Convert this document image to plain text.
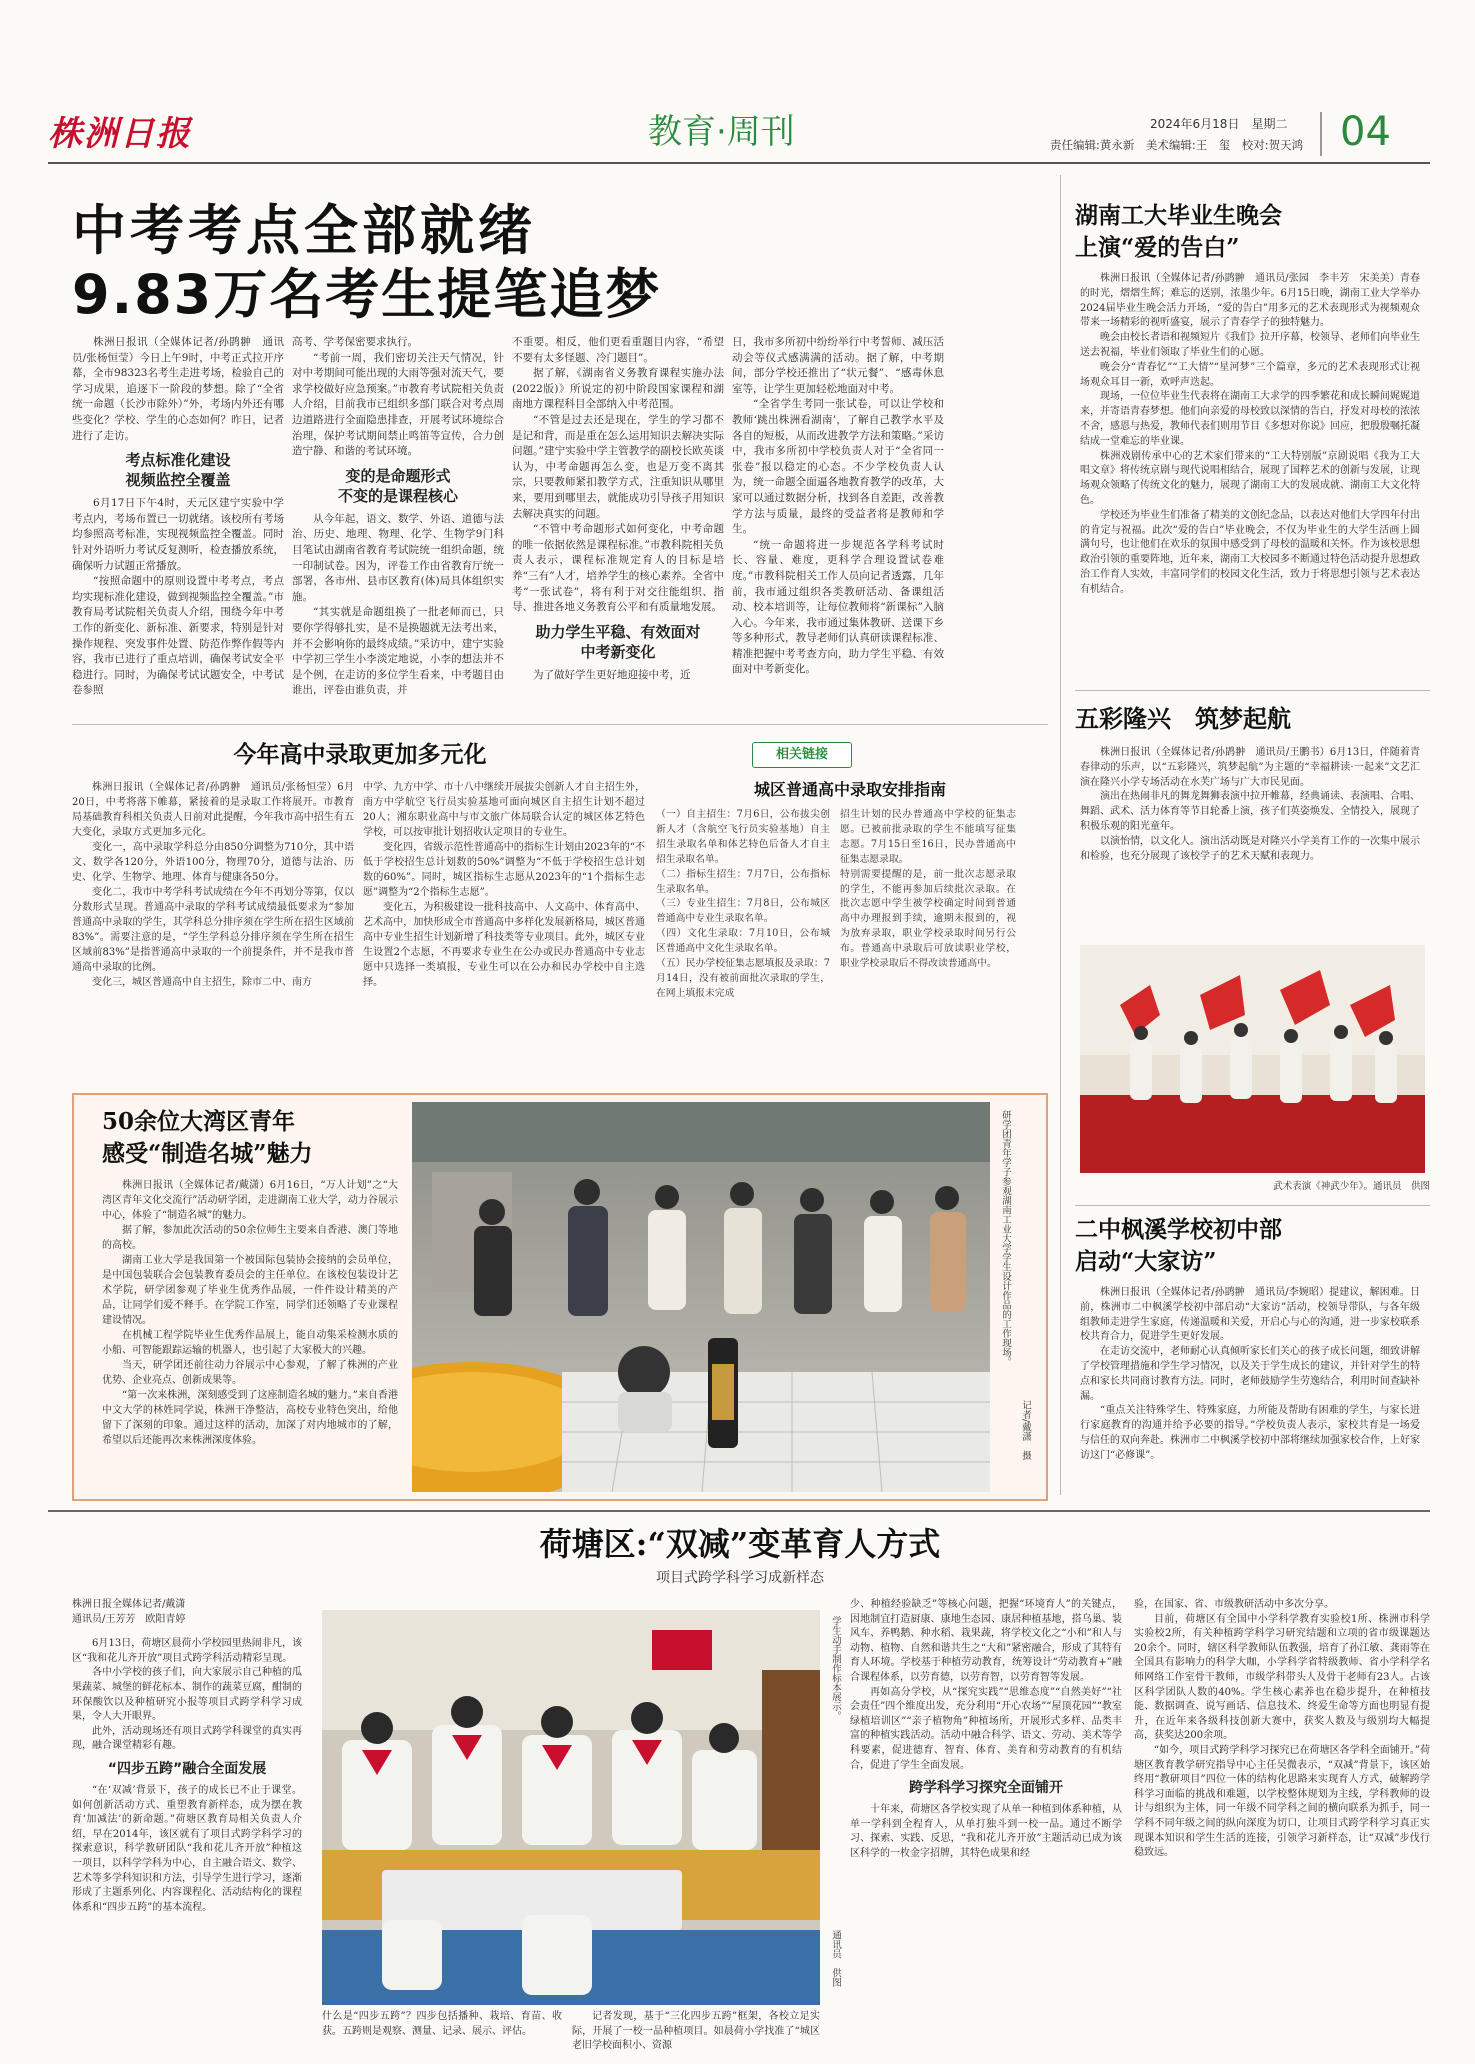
株洲日报	教育·周刊	2024年6月18日　星期二
责任编辑:黄永新　美术编辑:王　玺　校对:贺天鸿 04
中考考点全部就绪
9.83万名考生提笔追梦
株洲日报讯（全媒体记者/孙鹍翀　通讯员/张杨恒莹）今日上午9时，中考正式拉开序幕，全市98323名考生走进考场，检验自己的学习成果，追逐下一阶段的梦想。除了“全省统一命题（长沙市除外）”外，考场内外还有哪些变化？学校、学生的心态如何？昨日，记者进行了走访。
考点标准化建设
视频监控全覆盖
6月17日下午4时，天元区建宁实验中学考点内，考场布置已一切就绪。该校所有考场均参照高考标准，实现视频监控全覆盖。同时针对外语听力考试反复测听，检查播放系统，确保听力试题正常播放。
“按照命题中的原则设置中考考点，考点均实现标准化建设，做到视频监控全覆盖。”市教育局考试院相关负责人介绍，围绕今年中考工作的新变化、新标准、新要求，特别是针对操作规程、突发事件处置、防范作弊作假等内容，我市已进行了重点培训，确保考试安全平稳进行。同时，为确保考试试题安全，中考试卷参照
高考、学考保密要求执行。
“考前一周，我们密切关注天气情况，针对中考期间可能出现的大雨等强对流天气，要求学校做好应急预案。”市教育考试院相关负责人介绍，目前我市已组织多部门联合对考点周边道路进行全面隐患排查，开展考试环境综合治理，保护考试期间禁止鸣笛等宣传，合力创造宁静、和谐的考试环境。
变的是命题形式
不变的是课程核心
从今年起，语文、数学、外语、道德与法治、历史、地理、物理、化学、生物学9门科目笔试由湖南省教育考试院统一组织命题，统一印制试卷。因为，评卷工作由省教育厅统一部署，各市州、县市区教育(体)局具体组织实施。
“其实就是命题组换了一批老师而已，只要你学得够扎实，是不是换题就无法考出来，并不会影响你的最终成绩。”采访中，建宁实验中学初三学生小李淡定地说，小李的想法并不是个例，在走访的多位学生看来，中考题目由谁出，评卷由谁负责，并
不重要。相反，他们更看重题目内容，“希望不要有太多怪题、冷门题目”。
据了解，《湖南省义务教育课程实施办法(2022版)》所说定的初中阶段国家课程和湖南地方课程科目全部纳入中考范围。
“不管是过去还是现在，学生的学习都不是记和背，而是重在怎么运用知识去解决实际问题。”建宁实验中学主管教学的副校长欧英谈认为，中考命题再怎么变，也是万变不离其宗，只要教师紧扣教学方式，注重知识从哪里来，要用到哪里去，就能成功引导孩子用知识去解决真实的问题。
“不管中考命题形式如何变化，中考命题的唯一依据依然是课程标准。”市教科院相关负责人表示，课程标准规定育人的目标是培养“三有”人才，培养学生的核心素养。全省中考“一张试卷”，将有利于对交往能组织、指导、推进各地义务教育公平和有质量地发展。
助力学生平稳、有效面对
中考新变化
为了做好学生更好地迎接中考，近
日，我市多所初中纷纷举行中考誓师、减压活动会等仪式感满满的活动。据了解，中考期间，部分学校还推出了“状元餐”、“感毒休息室等，让学生更加轻松地面对中考。
“全省学生考同一张试卷，可以让学校和教师‘跳出株洲看湖南’，了解自己教学水平及各自的短板，从而改进教学方法和策略。”采访中，我市多所初中学校负责人对于“全省同一张卷”报以稳定的心态。不少学校负责人认为，统一命题全面逼各地教育教学的改革，大家可以通过数据分析，找到各自差距，改善教学方法与质量，最终的受益者将是教师和学生。
“统一命题将进一步规范各学科考试时长、容量、难度，更科学合理设置试卷难度。”市教科院相关工作人员向记者透露，几年前，我市通过组织各类教研活动、备课组活动、校本培训等，让每位教师将“新课标”入脑入心。今年来，我市通过集体教研、送课下乡等多种形式，教导老师们认真研读课程标准、精准把握中考考查方向，助力学生平稳、有效面对中考新变化。
今年高中录取更加多元化
株洲日报讯（全媒体记者/孙鹍翀　通讯员/张杨恒莹）6月20日，中考将落下帷幕，紧接着的是录取工作将展开。市教育局基础教育科相关负责人日前对此提醒，今年我市高中招生有五大变化，录取方式更加多元化。
变化一，高中录取学科总分由850分调整为710分，其中语文、数学各120分，外语100分，物理70分，道德与法治、历史、化学、生物学、地理、体育与健康各50分。
变化二，我市中考学科考试成绩在今年不再划分等第，仅以分数形式呈现。普通高中录取的学科考试成绩最低要求为“参加普通高中录取的学生，其学科总分排序须在学生所在招生区域前83%”。需要注意的是，“学生学科总分排序须在学生所在招生区域前83%”是指普通高中录取的一个前提条件，并不是我市普通高中录取的比例。
变化三，城区普通高中自主招生，除市二中、南方
中学、九方中学、市十八中继续开展拔尖创新人才自主招生外，南方中学航空飞行员实验基地可面向城区自主招生计划不超过20人；湘东职业高中与市文旅广体局联合认定的城区体艺特色学校，可以按审批计划招收认定项目的专业生。
变化四，省级示范性普通高中的指标生计划由2023年的“不低于学校招生总计划数的50%”调整为“不低于学校招生总计划数的60%”。同时，城区指标生志愿从2023年的“1个指标生志愿”调整为“2个指标生志愿”。
变化五，为积极建设一批科技高中、人文高中、体育高中、艺术高中，加快形成全市普通高中多样化发展新格局，城区普通高中专业生招生计划新增了科技类等专业项目。此外，城区专业生设置2个志愿，不再要求专业生在公办或民办普通高中专业志愿中只选择一类填报，专业生可以在公办和民办学校中自主选择。
相关链接
城区普通高中录取安排指南
（一）自主招生：7月6日，公布拔尖创新人才（含航空飞行员实验基地）自主招生录取名单和体艺特色后备人才自主招生录取名单。
（二）指标生招生：7月7日，公布指标生录取名单。
（三）专业生招生：7月8日，公布城区普通高中专业生录取名单。
（四）文化生录取：7月10日，公布城区普通高中文化生录取名单。
（五）民办学校征集志愿填报及录取：7月14日，没有被前面批次录取的学生，在网上填报未完成
招生计划的民办普通高中学校的征集志愿。已被前批录取的学生不能填写征集志愿。7月15日至16日，民办普通高中征集志愿录取。
特别需要提醒的是，前一批次志愿录取的学生，不能再参加后续批次录取。在批次志愿中学生被学校确定时间到普通高中办理报到手续，逾期未报到的，视为放弃录取，职业学校录取时间另行公布。普通高中录取后可放读职业学校，职业学校录取后不得改读普通高中。
50余位大湾区青年
感受“制造名城”魅力
株洲日报讯（全媒体记者/戴潇）6月16日，“万人计划”之“大湾区青年文化交流行”活动研学团，走进湖南工业大学，动力谷展示中心，体验了“制造名城”的魅力。
据了解，参加此次活动的50余位师生主要来自香港、澳门等地的高校。
湖南工业大学是我国第一个被国际包装协会接纳的会员单位，是中国包装联合会包装教育委员会的主任单位。在该校包装设计艺术学院，研学团参观了毕业生优秀作品展，一件件设计精美的产品，让同学们爱不释手。在学院工作室，同学们还领略了专业课程建设情况。
在机械工程学院毕业生优秀作品展上，能自动集采检测水质的小船、可智能跟踪运输的机器人，也引起了大家极大的兴趣。
当天，研学团还前往动力谷展示中心参观，了解了株洲的产业优势、企业亮点、创新成果等。
“第一次来株洲，深刻感受到了这座制造名城的魅力。”来自香港中文大学的林姓同学说，株洲干净整洁，高校专业特色突出，给他留下了深刻的印象。通过这样的活动，加深了对内地城市的了解，希望以后还能再次来株洲深度体验。
研学团青年学子参观湖南工业大学学生设计作品的工作现场。
记者/戴潇　摄
湖南工大毕业生晚会
上演“爱的告白”
株洲日报讯（全媒体记者/孙鹍翀　通讯员/张园　李丰芳　宋美美）青春的时光，熠熠生辉；难忘的送别，浓墨少年。6月15日晚，湖南工业大学举办2024届毕业生晚会活力开场，“爱的告白”用多元的艺术表现形式为视频观众带来一场精彩的视听盛宴，展示了青春学子的独特魅力。
晚会由校长者语和视频短片《我们》拉开序幕，校领导、老师们向毕业生送去祝福，毕业们领取了毕业生们的心愿。
晚会分“青春忆”“工大情”“星河梦”三个篇章，多元的艺术表现形式让视场观众耳目一新，欢呼声迭起。
现场，一位位毕业生代表将在湖南工大求学的四季繁花和成长瞬间娓娓道来，并寄语青春梦想。他们向亲爱的母校致以深情的告白，抒发对母校的浓浓不舍，感恩与热爱，教师代表们则用节目《多想对你说》回应，把殷殷嘱托凝结成一堂难忘的毕业课。
株洲戏剧传承中心的艺术家们带来的“工大特别版”京剧说唱《我为工大唱文章》将传统京剧与现代说唱相结合，展现了国粹艺术的创新与发展，让现场观众领略了传统文化的魅力，展现了湖南工大的发展成就、湖南工大文化特色。
学校还为毕业生们准备了精美的文创纪念品，以表达对他们大学四年付出的肯定与祝福。此次“爱的告白”毕业晚会，不仅为毕业生的大学生活画上圆满句号，也让他们在欢乐的氛围中感受到了母校的温暖和关怀。作为该校思想政治引领的重要阵地，近年来，湖南工大校园多不断通过特色活动提升思想政治工作育人实效，丰富同学们的校园文化生活，致力于将思想引领与艺术表达有机结合。
五彩隆兴　筑梦起航
株洲日报讯（全媒体记者/孙鹍翀　通讯员/王鹏书）6月13日，伴随着青春律动的乐声，以“五彩隆兴，筑梦起航”为主题的“幸福耕读·一起来”文艺汇演在隆兴小学专场活动在水芙广场与广大市民见面。
演出在热闹非凡的舞龙舞狮表演中拉开帷幕，经典诵读、表演唱、合唱、舞蹈、武术、活力体育等节目轮番上演，孩子们英姿焕发、全情投入，展现了积极乐观的阳光童年。
以演怡情，以文化人。演出活动既是对隆兴小学美育工作的一次集中展示和检验，也充分展现了该校学子的艺术天赋和表现力。
武术表演《神武少年》。通讯员　供图
二中枫溪学校初中部
启动“大家访”
株洲日报讯（全媒体记者/孙鹍翀　通讯员/李婉昭）提建议，解困难。日前，株洲市二中枫溪学校初中部启动“大家访”活动，校领导带队，与各年级组教师走进学生家庭，传递温暖和关爱，开启心与心的沟通，进一步家校联系校共育合力，促进学生更好发展。
在走访交流中，老师耐心认真倾听家长们关心的孩子成长问题，细致讲解了学校管理措施和学生学习情况，以及关于学生成长的建议，并针对学生的特点和家长共同商讨教育方法。同时，老师鼓励学生劳逸结合，利用时间查缺补漏。
“重点关注特殊学生、特殊家庭，力所能及帮助有困难的学生，与家长进行家庭教育的沟通并给予必要的指导。”学校负责人表示，家校共育是一场爱与信任的双向奔赴。株洲市二中枫溪学校初中部将继续加强家校合作，上好家访这门“必修课”。
荷塘区:“双减”变革育人方式
项目式跨学科学习成新样态
株洲日报全媒体记者/戴潇
通讯员/王芳芳　欧阳青婷
6月13日，荷塘区晨荷小学校园里热闹非凡，该区“我和花儿齐开放”项目式跨学科活动精彩呈现。
各中小学校的孩子们，向大家展示自己种植的瓜果蔬菜、城堡的鲜花标本、制作的蔬菜豆腐，酣制的环保酸饮以及种植研究小报等项目式跨学科学习成果，令人大开眼界。
此外，活动现场还有项目式跨学科课堂的真实再现，融合课堂精彩有趣。
“四步五跨”融合全面发展
“在‘双减’背景下，孩子的成长已不止于课堂。如何创新活动方式、重塑教育新样态，成为摆在教育‘加减法’的新命题。”荷塘区教育局相关负责人介绍，早在2014年，该区就有了项目式跨学科学习的探索意识，科学教研团队“我和花儿齐开放”种植这一项目，以科学学科为中心，自主融合语文、数学、艺术等多学科知识和方法，引导学生进行学习，逐渐形成了主题系列化、内容课程化、活动结构化的课程体系和“四步五跨”的基本流程。
学生动手制作标本展示。
通讯员　供图
什么是“四步五跨”？四步包括播种、栽培、育苗、收获。五跨则是观察、测量、记录、展示、评估。
记者发现，基于“三化四步五跨”框架，各校立足实际，开展了一校一品种植项目。如晨荷小学找准了“城区老旧学校面积小、资源
少、种植经验缺乏”等核心问题，把握“环境育人”的关键点，因地制宜打造厨康、康地生态园、康居种植基地，搭乌巢、装风车、养鸭鹅、种水稻、栽果蔬，将学校文化之“小和”和人与动物、植物、自然和谐共生之“大和”紧密融合，形成了其特有育人环境。学校基于种植劳动教育，统筹设计“劳动教育+”融合课程体系，以劳育德，以劳育智，以劳育智等发展。
再如高分学校，从“探究实践”“思维态度”“自然美好”“社会责任”四个维度出发，充分利用“开心农场”“屋顶花园”“教室绿植培训区”“亲子植物角”种植场所，开展形式多样、品类丰富的种植实践活动。活动中融合科学、语文、劳动、美术等学科要素，促进德育、智育、体育、美育和劳动教育的有机结合，促进了学生全面发展。
跨学科学习探究全面铺开
十年来，荷塘区各学校实现了从单一种植到体系种植，从单一学科到全程育人，从单打独斗到一校一品。通过不断学习、探索、实践、反思，“我和花儿齐开放”主题活动已成为该区科学的一枚金字招牌，其特色成果和经
验，在国家、省、市级教研活动中多次分享。
目前，荷塘区有全国中小学科学教育实验校1所、株洲市科学实验校2所，有关种植跨学科学习研究结题和立项的省市级课题达20余个。同时，辖区科学教师队伍教强，培育了孙江敏、龚雨等在全国具有影响力的科学大咖，小学科学省特级教师、省小学科学名师网络工作室骨干教师，市级学科带头人及骨干老师有23人。占该区科学团队人数的40%。学生核心素养也在稳步提升，在种植技能、数据调查、说写画话、信息技术、终爱生命等方面也明显有提升，在近年来各级科技创新大赛中，获奖人数及与级别均大幅提高，获奖达200余项。
“如今，项目式跨学科学习探究已在荷塘区各学科全面铺开。”荷塘区教育教学研究指导中心主任吴微表示，“双减”背景下，该区始终用“教研项目”四位一体的结构化思路来实现育人方式，破解跨学科学习面临的挑战和难题，以学校整体规划为主线，学科教师的设计与组织为主体，同一年级不同学科之间的横向联系为抓手，同一学科不同年级之间的纵向深度为切口，让项目式跨学科学习真正实现课本知识和学生生活的连接，引领学习新样态，让“双减”步伐行稳致远。
